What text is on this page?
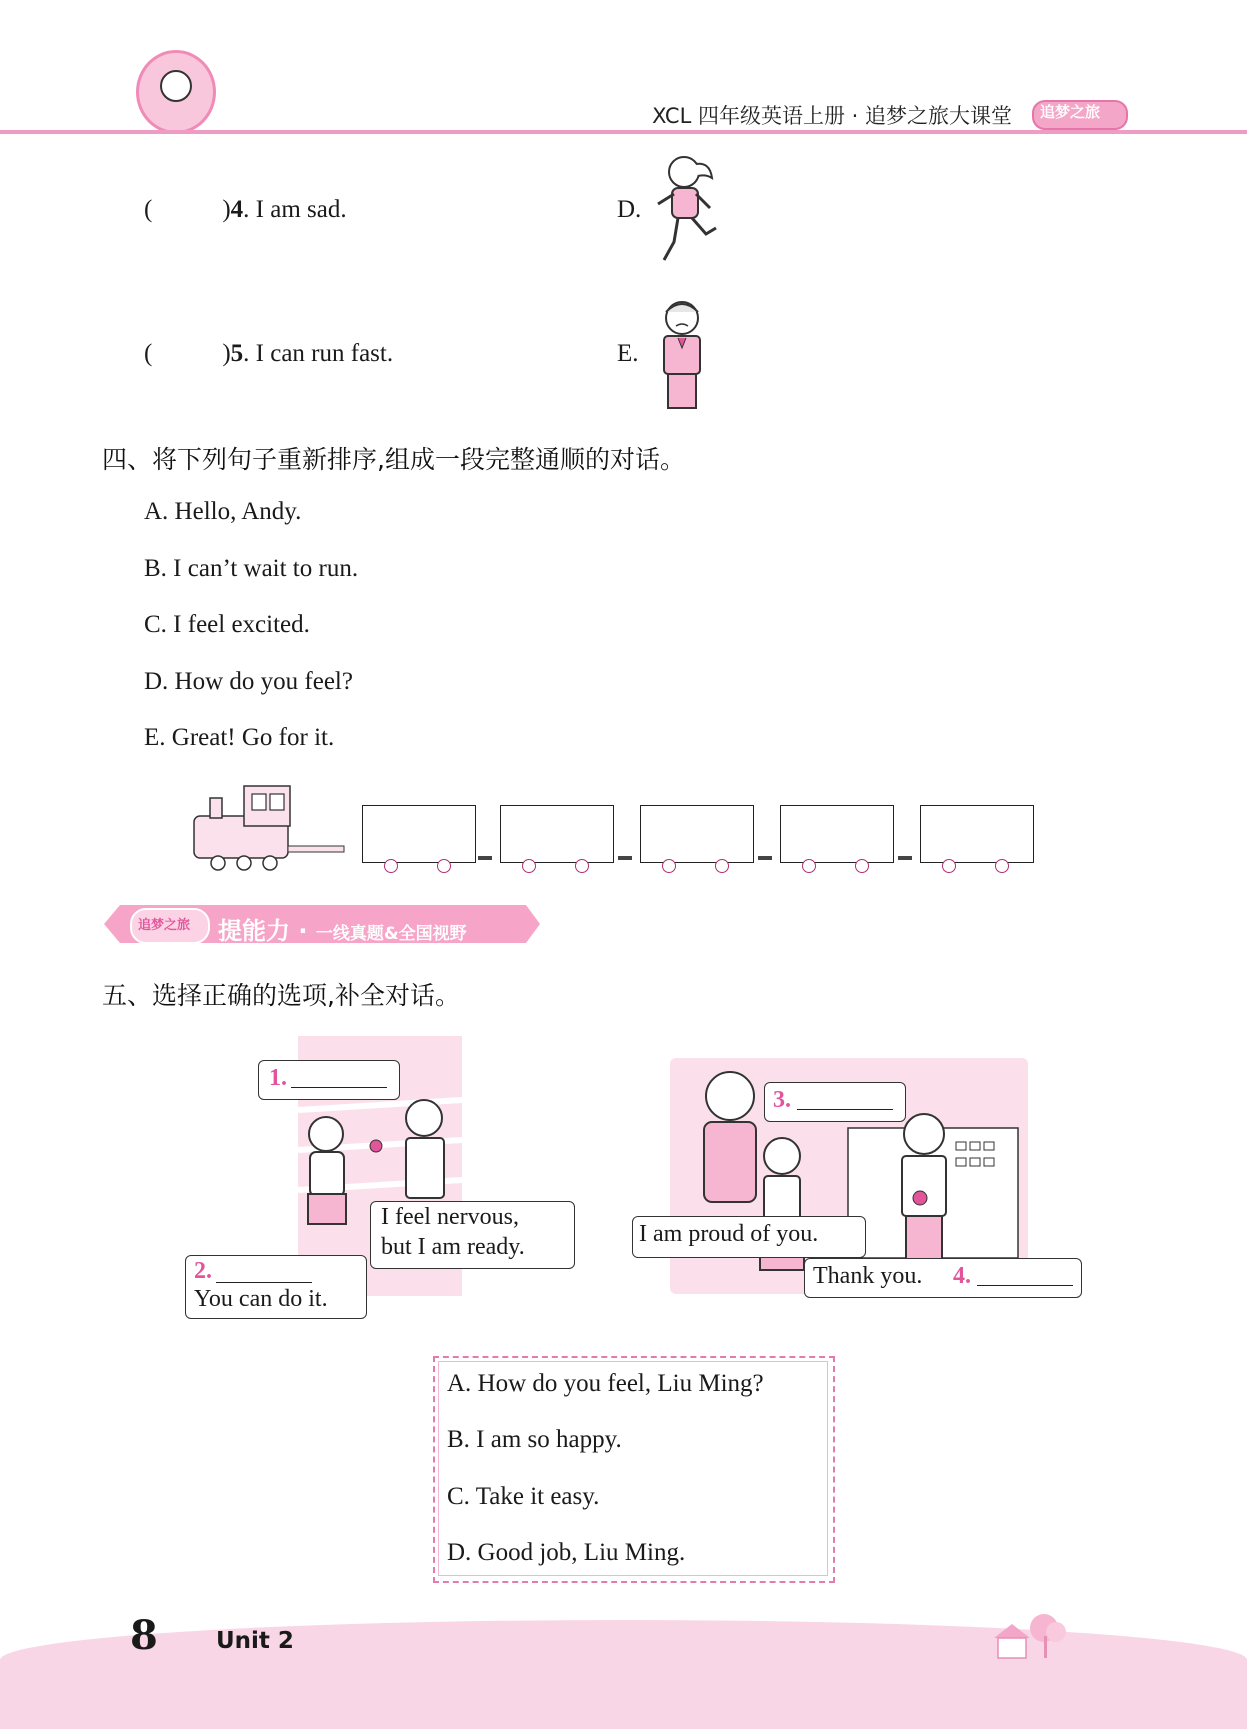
XCL 四年级英语上册 · 追梦之旅大课堂 追梦之旅
(	)4. I am sad.	D.
(	)5. I can run fast.	E.
四、将下列句子重新排序,组成一段完整通顺的对话。
A. Hello, Andy.
B. I can’t wait to run.
C. I feel excited.
D. How do you feel?
E. Great! Go for it.
追梦之旅 提能力 · 一线真题&全国视野
五、选择正确的选项,补全对话。
1.
2.
You can do it.
I feel nervous,
but I am ready.
3.
I am proud of you.
Thank you. 4.
A. How do you feel, Liu Ming?
B. I am so happy.
C. Take it easy.
D. Good job, Liu Ming.
8	Unit 2
